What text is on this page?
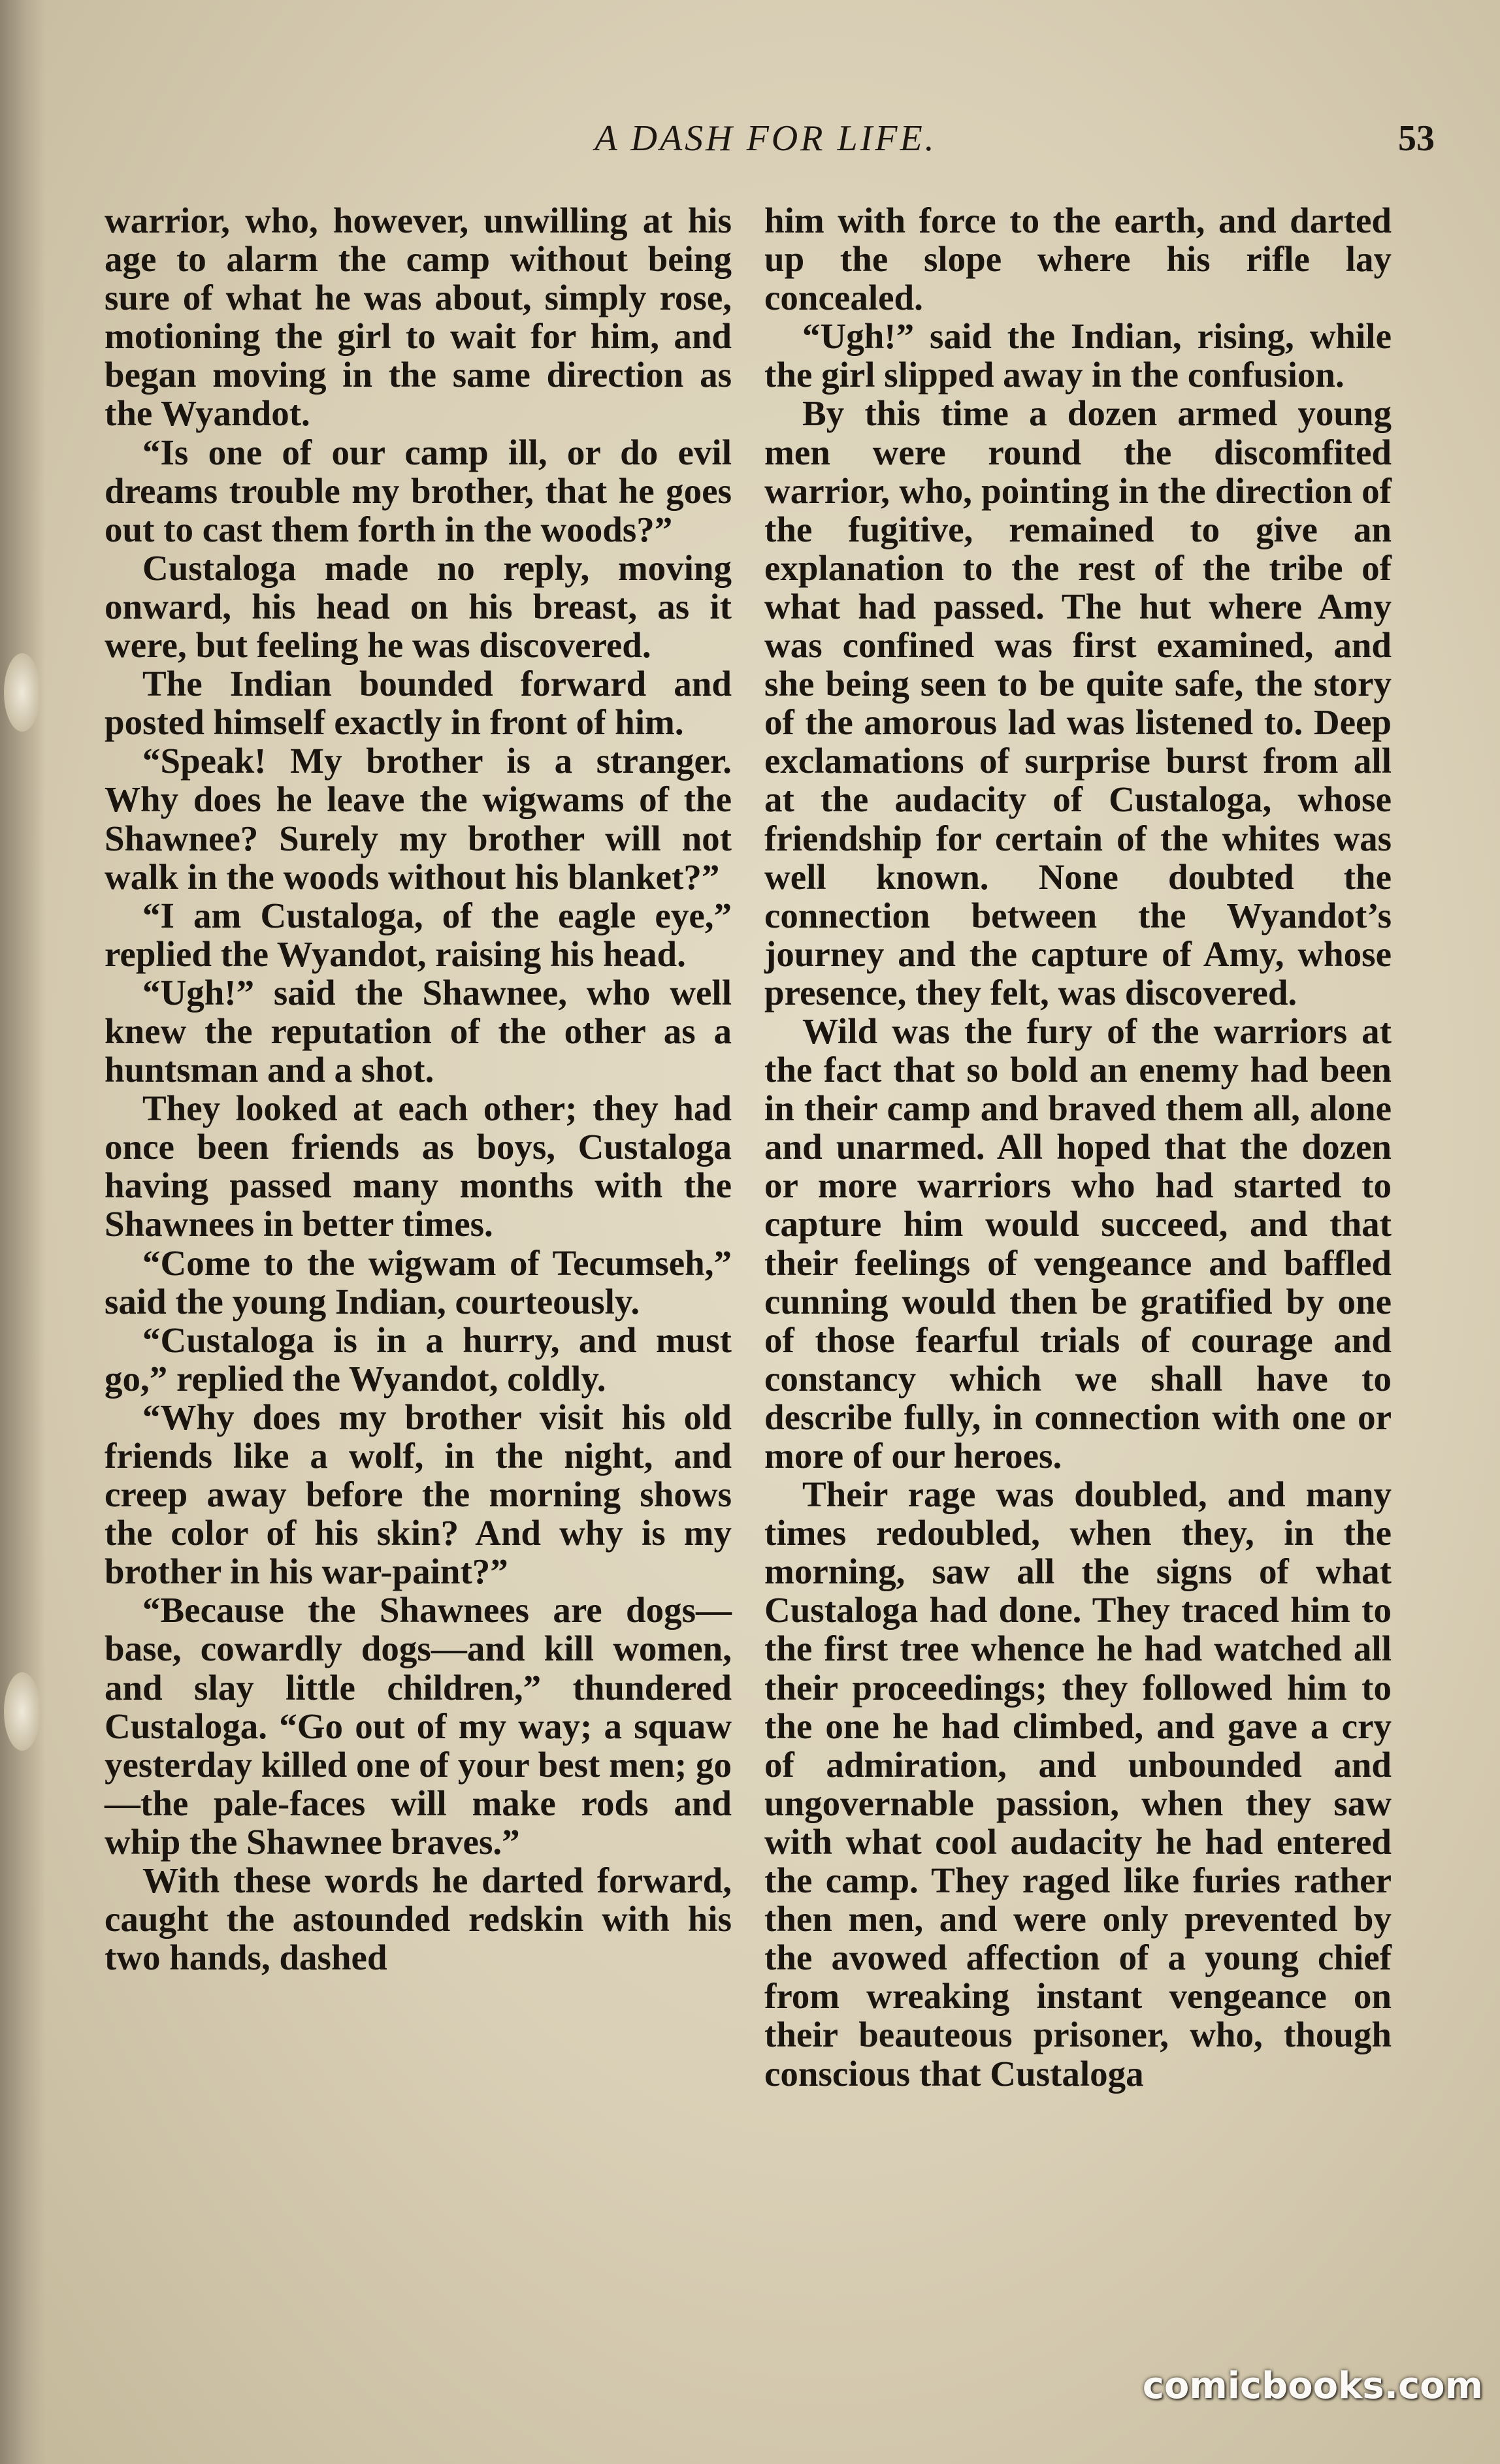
A DASH FOR LIFE.	53

warrior, who, however, unwilling at his age to alarm the camp without being sure of what he was about, simply rose, motioning the girl to wait for him, and began moving in the same direction as the Wyandot.

“Is one of our camp ill, or do evil dreams trouble my brother, that he goes out to cast them forth in the woods?”

Custaloga made no reply, moving onward, his head on his breast, as it were, but feeling he was discovered.

The Indian bounded forward and posted himself exactly in front of him.

“Speak! My brother is a stranger. Why does he leave the wigwams of the Shawnee? Surely my brother will not walk in the woods without his blanket?”

“I am Custaloga, of the eagle eye,” replied the Wyandot, raising his head.

“Ugh!” said the Shawnee, who well knew the reputation of the other as a huntsman and a shot.

They looked at each other; they had once been friends as boys, Custaloga having passed many months with the Shawnees in better times.

“Come to the wigwam of Tecumseh,” said the young Indian, courteously.

“Custaloga is in a hurry, and must go,” replied the Wyandot, coldly.

“Why does my brother visit his old friends like a wolf, in the night, and creep away before the morning shows the color of his skin? And why is my brother in his war-paint?”

“Because the Shawnees are dogs—base, cowardly dogs—and kill women, and slay little children,” thundered Custaloga. “Go out of my way; a squaw yesterday killed one of your best men; go—the pale-faces will make rods and whip the Shawnee braves.”

With these words he darted forward, caught the astounded redskin with his two hands, dashed

him with force to the earth, and darted up the slope where his rifle lay concealed.

“Ugh!” said the Indian, rising, while the girl slipped away in the confusion.

By this time a dozen armed young men were round the discomfited warrior, who, pointing in the direction of the fugitive, remained to give an explanation to the rest of the tribe of what had passed. The hut where Amy was confined was first examined, and she being seen to be quite safe, the story of the amorous lad was listened to. Deep exclamations of surprise burst from all at the audacity of Custaloga, whose friendship for certain of the whites was well known. None doubted the connection between the Wyandot’s journey and the capture of Amy, whose presence, they felt, was discovered.

Wild was the fury of the warriors at the fact that so bold an enemy had been in their camp and braved them all, alone and unarmed. All hoped that the dozen or more warriors who had started to capture him would succeed, and that their feelings of vengeance and baffled cunning would then be gratified by one of those fearful trials of courage and constancy which we shall have to describe fully, in connection with one or more of our heroes.

Their rage was doubled, and many times redoubled, when they, in the morning, saw all the signs of what Custaloga had done. They traced him to the first tree whence he had watched all their proceedings; they followed him to the one he had climbed, and gave a cry of admiration, and unbounded and ungovernable passion, when they saw with what cool audacity he had entered the camp. They raged like furies rather then men, and were only prevented by the avowed affection of a young chief from wreaking instant vengeance on their beauteous prisoner, who, though conscious that Custaloga

comicbooks.com
